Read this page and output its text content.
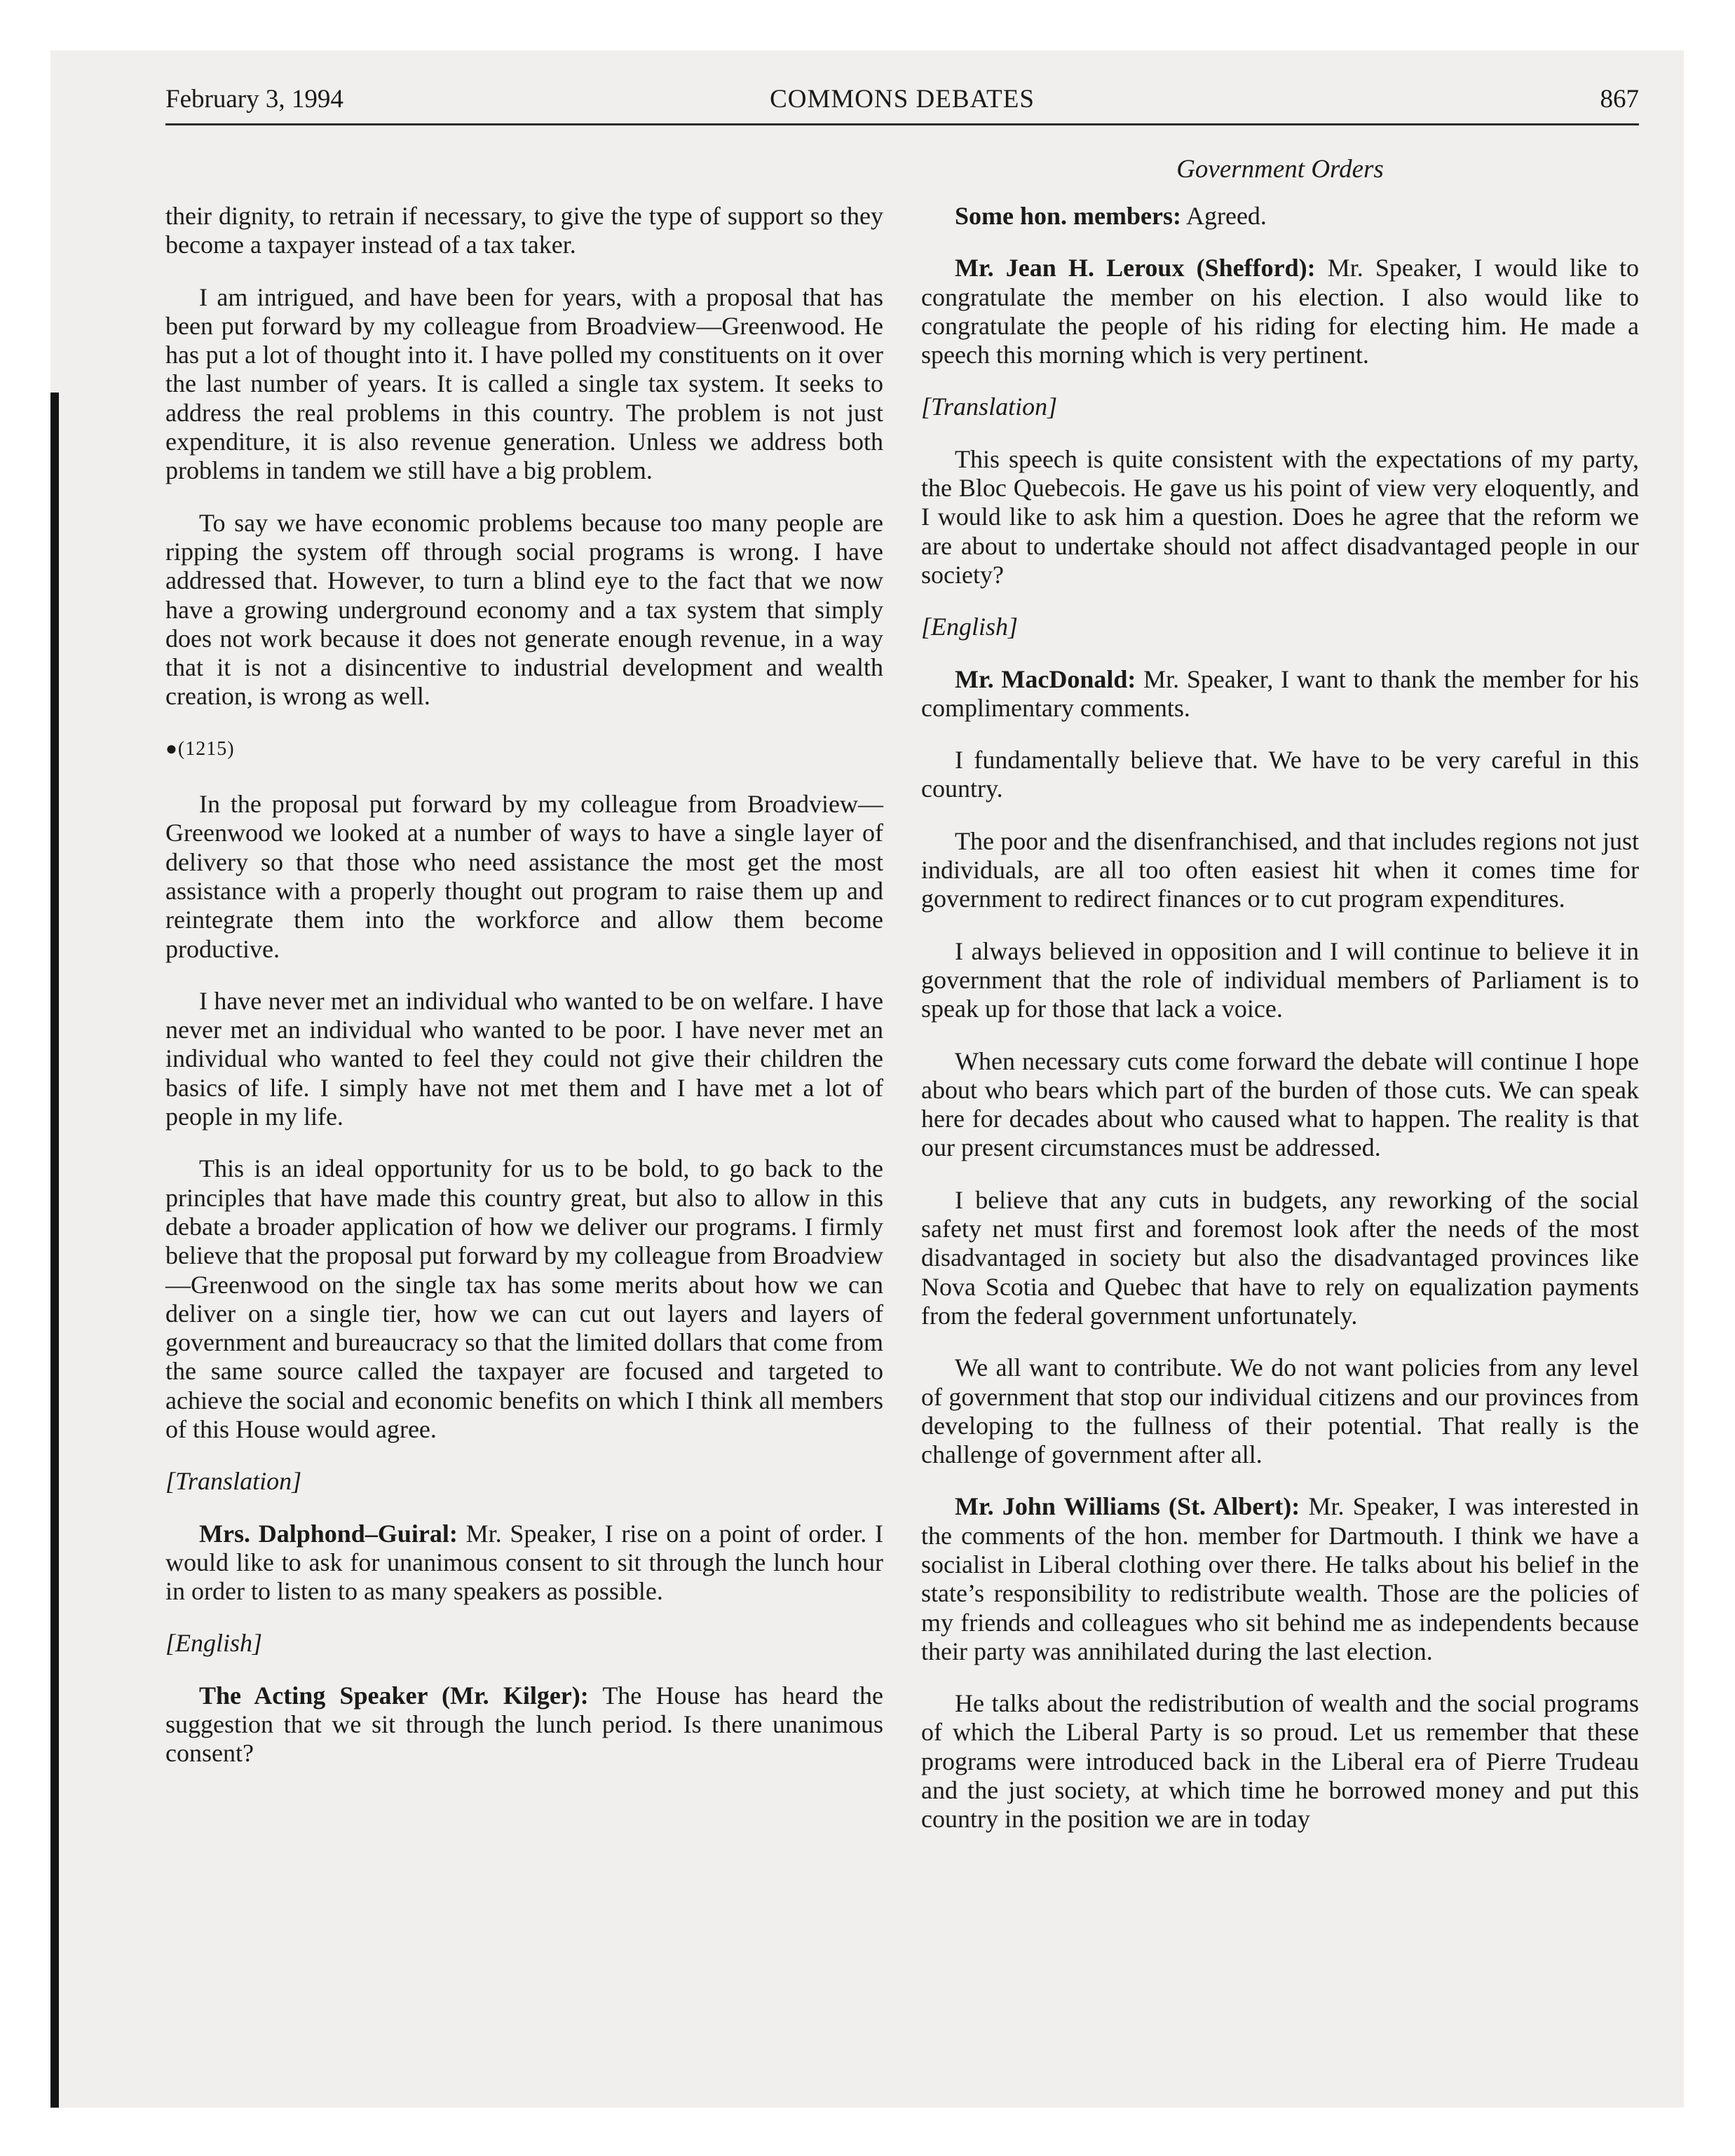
February 3, 1994	COMMONS DEBATES	867
Government Orders

their dignity, to retrain if necessary, to give the type of support so they become a taxpayer instead of a tax taker.

I am intrigued, and have been for years, with a proposal that has been put forward by my colleague from Broadview—Greenwood. He has put a lot of thought into it. I have polled my constituents on it over the last number of years. It is called a single tax system. It seeks to address the real problems in this country. The problem is not just expenditure, it is also revenue generation. Unless we address both problems in tandem we still have a big problem.

To say we have economic problems because too many people are ripping the system off through social programs is wrong. I have addressed that. However, to turn a blind eye to the fact that we now have a growing underground economy and a tax system that simply does not work because it does not generate enough revenue, in a way that it is not a disincentive to industrial development and wealth creation, is wrong as well.

●(1215)

In the proposal put forward by my colleague from Broadview—Greenwood we looked at a number of ways to have a single layer of delivery so that those who need assistance the most get the most assistance with a properly thought out program to raise them up and reintegrate them into the workforce and allow them become productive.

I have never met an individual who wanted to be on welfare. I have never met an individual who wanted to be poor. I have never met an individual who wanted to feel they could not give their children the basics of life. I simply have not met them and I have met a lot of people in my life.

This is an ideal opportunity for us to be bold, to go back to the principles that have made this country great, but also to allow in this debate a broader application of how we deliver our programs. I firmly believe that the proposal put forward by my colleague from Broadview—Greenwood on the single tax has some merits about how we can deliver on a single tier, how we can cut out layers and layers of government and bureaucracy so that the limited dollars that come from the same source called the taxpayer are focused and targeted to achieve the social and economic benefits on which I think all members of this House would agree.

[Translation]

Mrs. Dalphond–Guiral: Mr. Speaker, I rise on a point of order. I would like to ask for unanimous consent to sit through the lunch hour in order to listen to as many speakers as possible.

[English]

The Acting Speaker (Mr. Kilger): The House has heard the suggestion that we sit through the lunch period. Is there unanimous consent?

Some hon. members: Agreed.

Mr. Jean H. Leroux (Shefford): Mr. Speaker, I would like to congratulate the member on his election. I also would like to congratulate the people of his riding for electing him. He made a speech this morning which is very pertinent.

[Translation]

This speech is quite consistent with the expectations of my party, the Bloc Quebecois. He gave us his point of view very eloquently, and I would like to ask him a question. Does he agree that the reform we are about to undertake should not affect disadvantaged people in our society?

[English]

Mr. MacDonald: Mr. Speaker, I want to thank the member for his complimentary comments.

I fundamentally believe that. We have to be very careful in this country.

The poor and the disenfranchised, and that includes regions not just individuals, are all too often easiest hit when it comes time for government to redirect finances or to cut program expenditures.

I always believed in opposition and I will continue to believe it in government that the role of individual members of Parliament is to speak up for those that lack a voice.

When necessary cuts come forward the debate will continue I hope about who bears which part of the burden of those cuts. We can speak here for decades about who caused what to happen. The reality is that our present circumstances must be addressed.

I believe that any cuts in budgets, any reworking of the social safety net must first and foremost look after the needs of the most disadvantaged in society but also the disadvantaged provinces like Nova Scotia and Quebec that have to rely on equalization payments from the federal government unfortunately.

We all want to contribute. We do not want policies from any level of government that stop our individual citizens and our provinces from developing to the fullness of their potential. That really is the challenge of government after all.

Mr. John Williams (St. Albert): Mr. Speaker, I was interested in the comments of the hon. member for Dartmouth. I think we have a socialist in Liberal clothing over there. He talks about his belief in the state’s responsibility to redistribute wealth. Those are the policies of my friends and colleagues who sit behind me as independents because their party was annihilated during the last election.

He talks about the redistribution of wealth and the social programs of which the Liberal Party is so proud. Let us remember that these programs were introduced back in the Liberal era of Pierre Trudeau and the just society, at which time he borrowed money and put this country in the position we are in today
